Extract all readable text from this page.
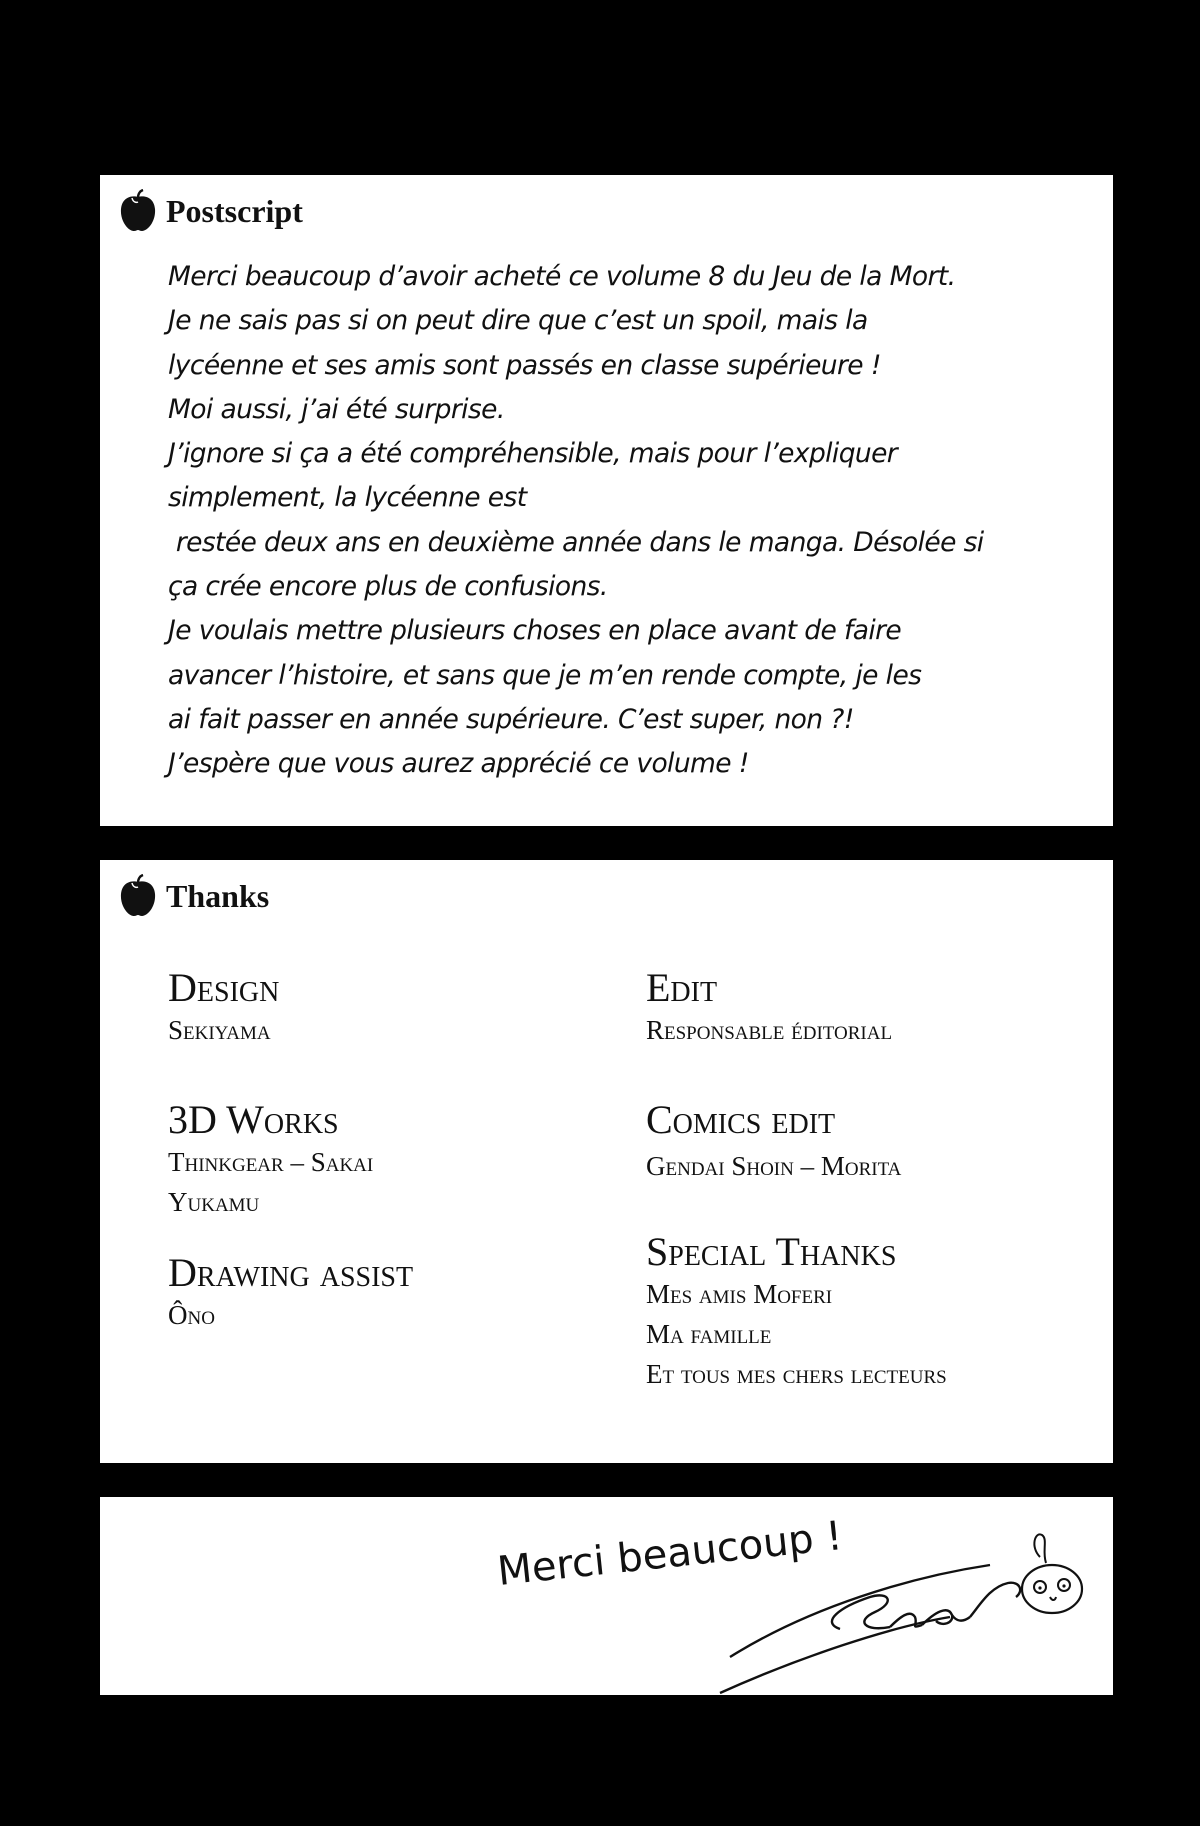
Postscript
Merci beaucoup d’avoir acheté ce volume 8 du Jeu de la Mort.
Je ne sais pas si on peut dire que c’est un spoil, mais la
lycéenne et ses amis sont passés en classe supérieure !
Moi aussi, j’ai été surprise.
J’ignore si ça a été compréhensible, mais pour l’expliquer
simplement, la lycéenne est
restée deux ans en deuxième année dans le manga. Désolée si
ça crée encore plus de confusions.
Je voulais mettre plusieurs choses en place avant de faire
avancer l’histoire, et sans que je m’en rende compte, je les
ai fait passer en année supérieure. C’est super, non ?!
J’espère que vous aurez apprécié ce volume !
Thanks
Design
Sekiyama
3D Works
Thinkgear – Sakai
Yukamu
Drawing assist
Ôno
Edit
Responsable éditorial
Comics edit
Gendai Shoin – Morita
Special Thanks
Mes amis Moferi
Ma famille
Et tous mes chers lecteurs
Merci beaucoup !
